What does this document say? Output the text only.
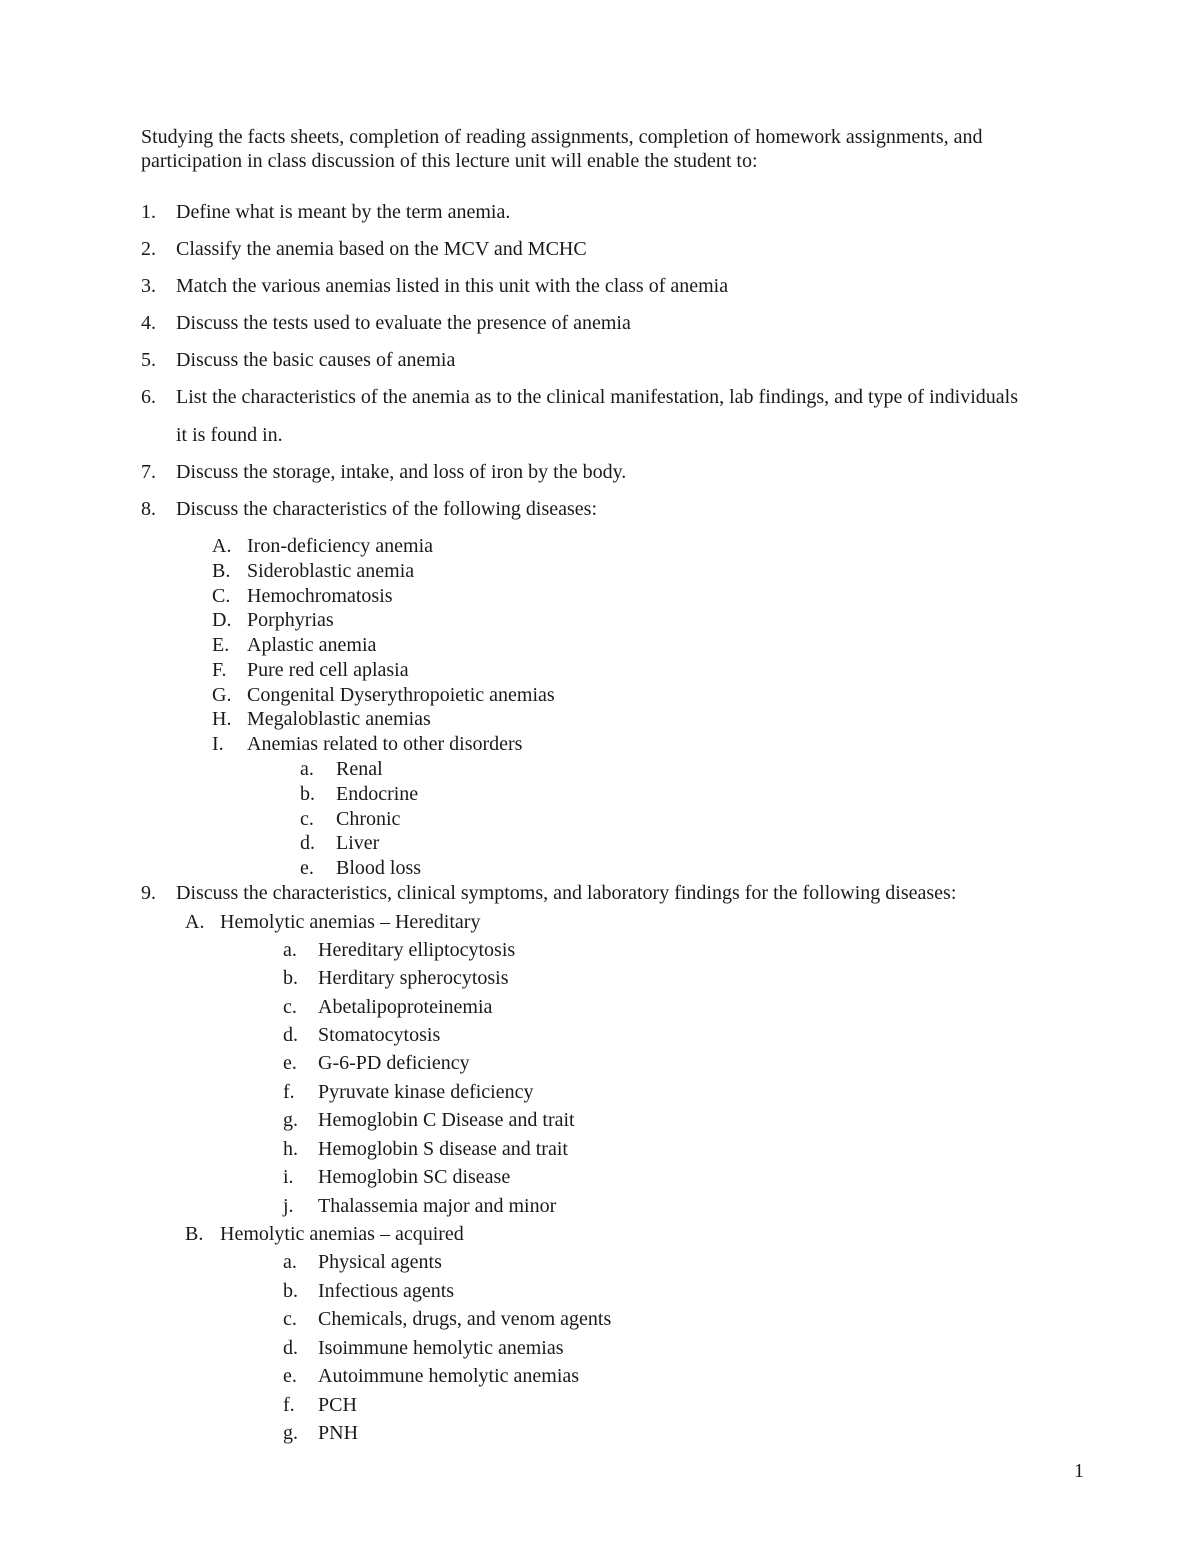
Studying the facts sheets, completion of reading assignments, completion of homework assignments, and
participation in class discussion of this lecture unit will enable the student to:
1.	Define what is meant by the term anemia.
2.	Classify the anemia based on the MCV and MCHC
3.	Match the various anemias listed in this unit with the class of anemia
4.	Discuss the tests used to evaluate the presence of anemia
5.	Discuss the basic causes of anemia
6.	List the characteristics of the anemia as to the clinical manifestation, lab findings, and type of individuals
it is found in.
7.	Discuss the storage, intake, and loss of iron by the body.
8.	Discuss the characteristics of the following diseases:
A. Iron-deficiency anemia
B. Sideroblastic anemia
C. Hemochromatosis
D. Porphyrias
E. Aplastic anemia
F.	Pure red cell aplasia
G. Congenital Dyserythropoietic anemias
H. Megaloblastic anemias
I.	Anemias related to other disorders
a.	Renal
b.	Endocrine
c.	Chronic
d.	Liver
e.	Blood loss
9.	Discuss the characteristics, clinical symptoms, and laboratory findings for the following diseases:
A. Hemolytic anemias – Hereditary
a.	Hereditary elliptocytosis
b.	Herditary spherocytosis
c.	Abetalipoproteinemia
d.	Stomatocytosis
e.	G-6-PD deficiency
f.	Pyruvate kinase deficiency
g.	Hemoglobin C Disease and trait
h.	Hemoglobin S disease and trait
i.	Hemoglobin SC disease
j.	Thalassemia major and minor
B. Hemolytic anemias – acquired
a.	Physical agents
b.	Infectious agents
c.	Chemicals, drugs, and venom agents
d.	Isoimmune hemolytic anemias
e.	Autoimmune hemolytic anemias
f.	PCH
g.	PNH
1
